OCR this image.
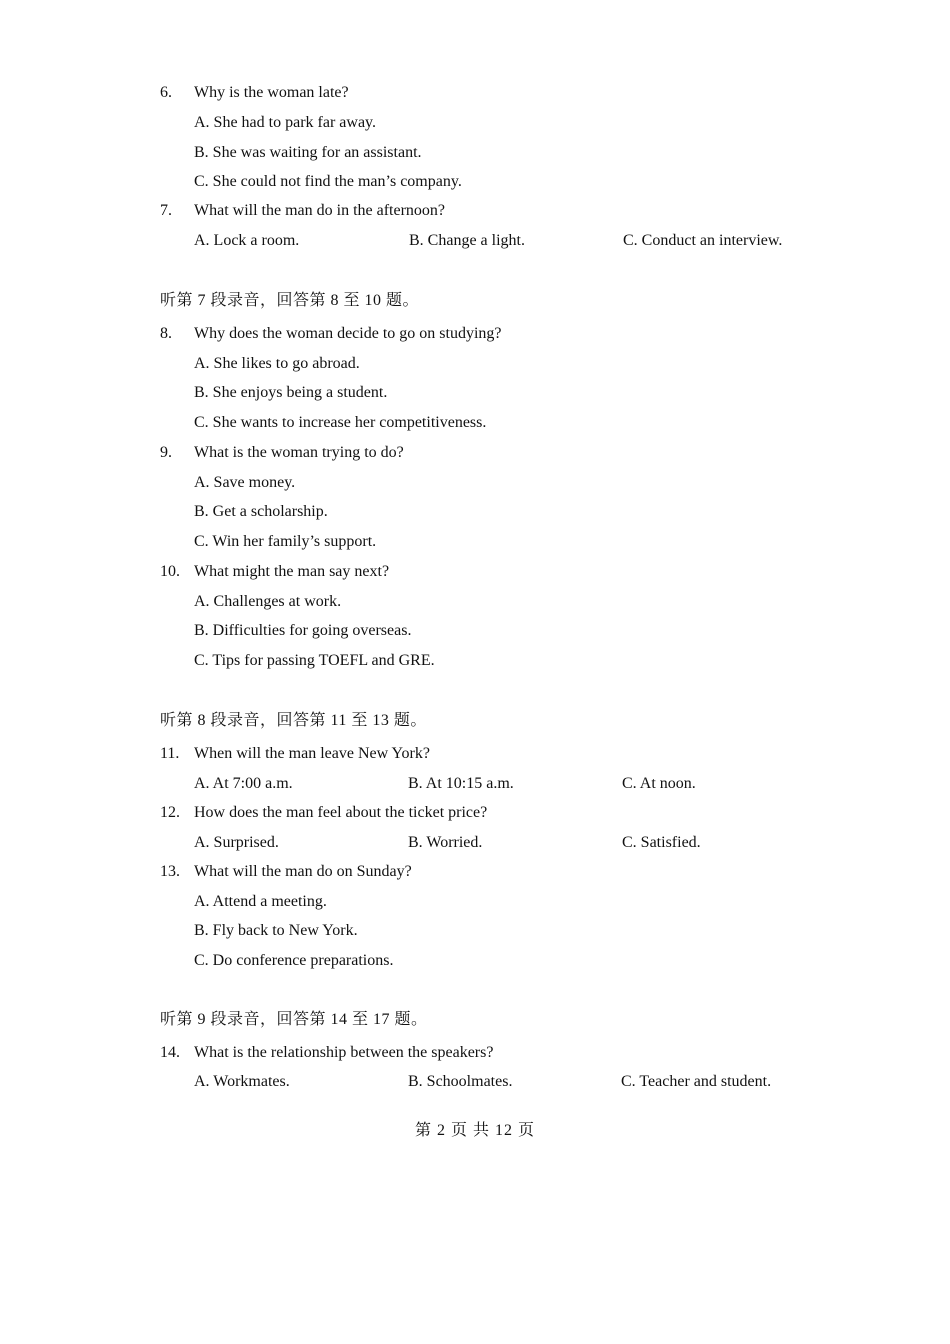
6. Why is the woman late?
A. She had to park far away.
B. She was waiting for an assistant.
C. She could not find the man’s company.
7. What will the man do in the afternoon?
A. Lock a room.	B. Change a light.	C. Conduct an interview.
听第 7 段录音，回答第 8 至 10 题。
8. Why does the woman decide to go on studying?
A. She likes to go abroad.
B. She enjoys being a student.
C. She wants to increase her competitiveness.
9. What is the woman trying to do?
A. Save money.
B. Get a scholarship.
C. Win her family’s support.
10. What might the man say next?
A. Challenges at work.
B. Difficulties for going overseas.
C. Tips for passing TOEFL and GRE.
听第 8 段录音，回答第 11 至 13 题。
11. When will the man leave New York?
A. At 7:00 a.m.	B. At 10:15 a.m.	C. At noon.
12. How does the man feel about the ticket price?
A. Surprised.	B. Worried.	C. Satisfied.
13. What will the man do on Sunday?
A. Attend a meeting.
B. Fly back to New York.
C. Do conference preparations.
听第 9 段录音，回答第 14 至 17 题。
14. What is the relationship between the speakers?
A. Workmates.	B. Schoolmates.	C. Teacher and student.
第 2 页 共 12 页
